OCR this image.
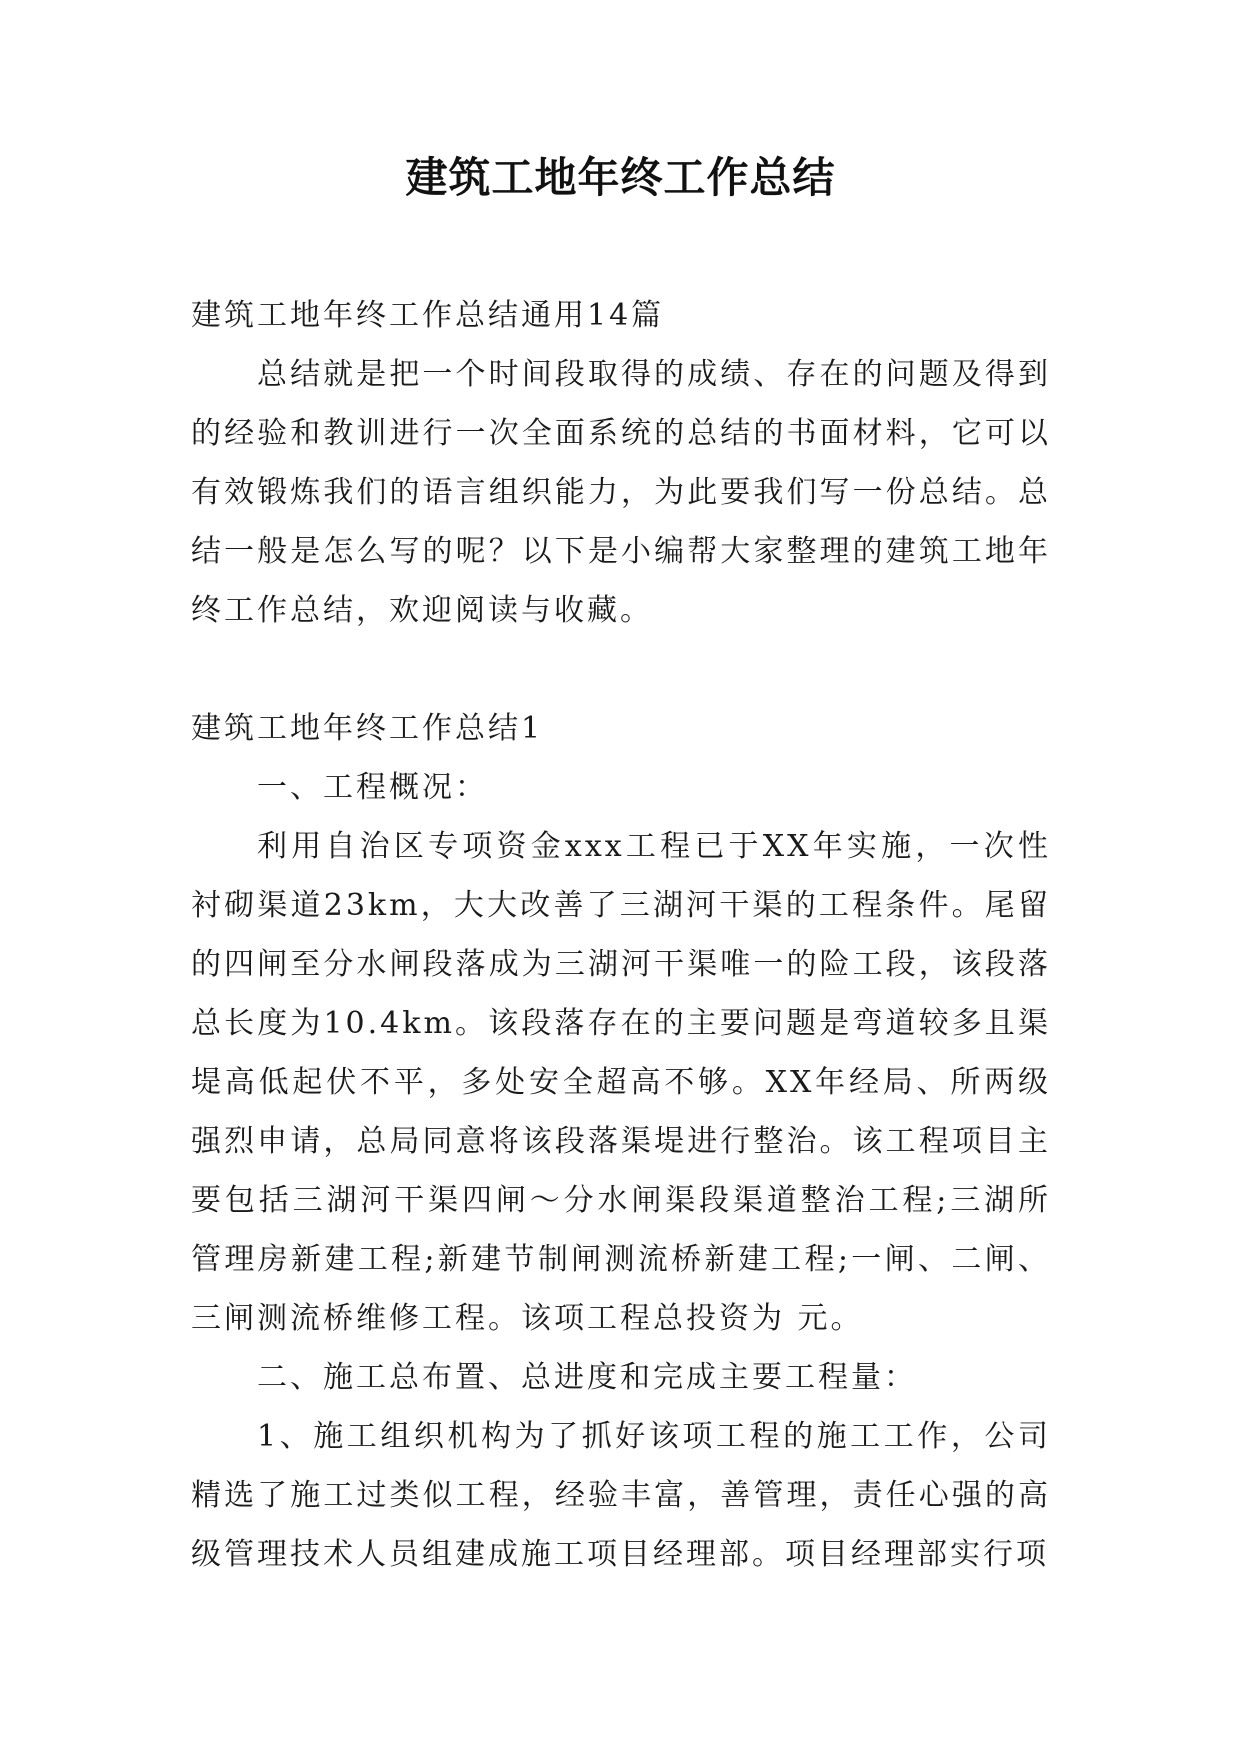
建筑工地年终工作总结

建筑工地年终工作总结通用14篇

总结就是把一个时间段取得的成绩、存在的问题及得到的经验和教训进行一次全面系统的总结的书面材料，它可以有效锻炼我们的语言组织能力，为此要我们写一份总结。总结一般是怎么写的呢？以下是小编帮大家整理的建筑工地年终工作总结，欢迎阅读与收藏。

建筑工地年终工作总结1

一、工程概况：

利用自治区专项资金xxx工程已于XX年实施，一次性衬砌渠道23km，大大改善了三湖河干渠的工程条件。尾留的四闸至分水闸段落成为三湖河干渠唯一的险工段，该段落总长度为10.4km。该段落存在的主要问题是弯道较多且渠堤高低起伏不平，多处安全超高不够。XX年经局、所两级强烈申请，总局同意将该段落渠堤进行整治。该工程项目主要包括三湖河干渠四闸～分水闸渠段渠道整治工程;三湖所管理房新建工程;新建节制闸测流桥新建工程;一闸、二闸、三闸测流桥维修工程。该项工程总投资为 元。

二、施工总布置、总进度和完成主要工程量：

1、施工组织机构为了抓好该项工程的施工工作，公司精选了施工过类似工程，经验丰富，善管理，责任心强的高级管理技术人员组建成施工项目经理部。项目经理部实行项
